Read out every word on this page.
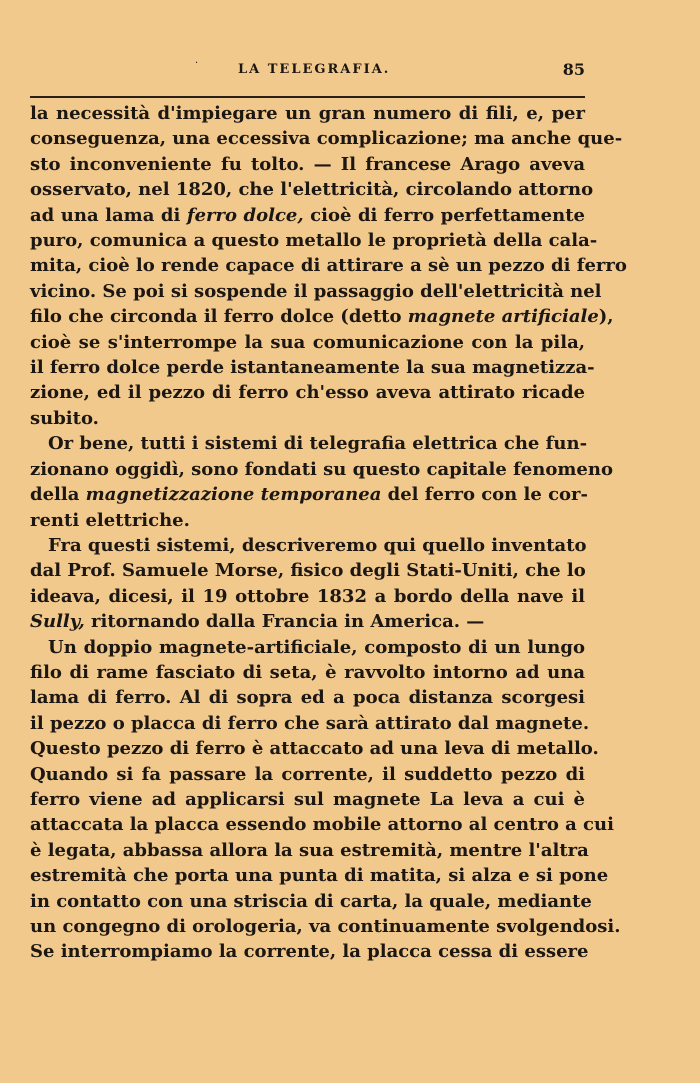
·	LA TELEGRAFIA.	85
la necessità d'impiegare un gran numero di fili, e, per
conseguenza, una eccessiva complicazione; ma anche que-
sto inconveniente fu tolto. — Il francese Arago aveva
osservato, nel 1820, che l'elettricità, circolando attorno
ad una lama di ferro dolce, cioè di ferro perfettamente
puro, comunica a questo metallo le proprietà della cala-
mita, cioè lo rende capace di attirare a sè un pezzo di ferro
vicino. Se poi si sospende il passaggio dell'elettricità nel
filo che circonda il ferro dolce (detto magnete artificiale),
cioè se s'interrompe la sua comunicazione con la pila,
il ferro dolce perde istantaneamente la sua magnetizza-
zione, ed il pezzo di ferro ch'esso aveva attirato ricade
subito.
Or bene, tutti i sistemi di telegrafia elettrica che fun-
zionano oggidì, sono fondati su questo capitale fenomeno
della magnetizzazione temporanea del ferro con le cor-
renti elettriche.
Fra questi sistemi, descriveremo qui quello inventato
dal Prof. Samuele Morse, fisico degli Stati-Uniti, che lo
ideava, dicesi, il 19 ottobre 1832 a bordo della nave il
Sully, ritornando dalla Francia in America. —
Un doppio magnete-artificiale, composto di un lungo
filo di rame fasciato di seta, è ravvolto intorno ad una
lama di ferro. Al di sopra ed a poca distanza scorgesi
il pezzo o placca di ferro che sarà attirato dal magnete.
Questo pezzo di ferro è attaccato ad una leva di metallo.
Quando si fa passare la corrente, il suddetto pezzo di
ferro viene ad applicarsi sul magnete La leva a cui è
attaccata la placca essendo mobile attorno al centro a cui
è legata, abbassa allora la sua estremità, mentre l'altra
estremità che porta una punta di matita, si alza e si pone
in contatto con una striscia di carta, la quale, mediante
un congegno di orologeria, va continuamente svolgendosi.
Se interrompiamo la corrente, la placca cessa di essere
